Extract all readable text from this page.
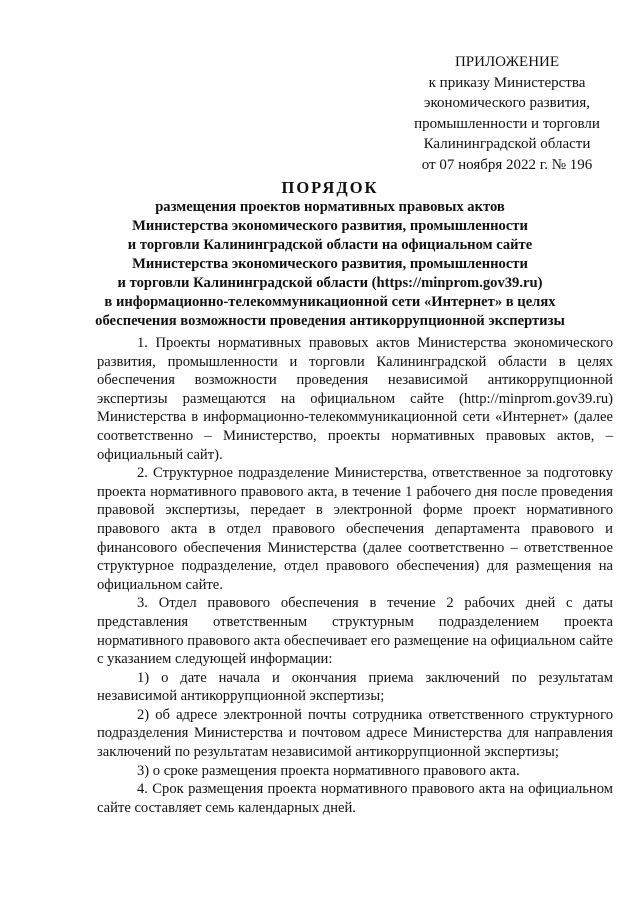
ПРИЛОЖЕНИЕ
к приказу Министерства
экономического развития,
промышленности и торговли
Калининградской области
от 07 ноября 2022 г. № 196
ПОРЯДОК
размещения проектов нормативных правовых актов
Министерства экономического развития, промышленности
и торговли Калининградской области на официальном сайте
Министерства экономического развития, промышленности
и торговли Калининградской области (https://minprom.gov39.ru)
в информационно-телекоммуникационной сети «Интернет» в целях
обеспечения возможности проведения антикоррупционной экспертизы

1. Проекты нормативных правовых актов Министерства экономического развития, промышленности и торговли Калининградской области в целях обеспечения возможности проведения независимой антикоррупционной экспертизы размещаются на официальном сайте (http://minprom.gov39.ru) Министерства в информационно-телекоммуникационной сети «Интернет» (далее соответственно – Министерство, проекты нормативных правовых актов, – официальный сайт).

2. Структурное подразделение Министерства, ответственное за подготовку проекта нормативного правового акта, в течение 1 рабочего дня после проведения правовой экспертизы, передает в электронной форме проект нормативного правового акта в отдел правового обеспечения департамента правового и финансового обеспечения Министерства (далее соответственно – ответственное структурное подразделение, отдел правового обеспечения) для размещения на официальном сайте.

3. Отдел правового обеспечения в течение 2 рабочих дней с даты представления ответственным структурным подразделением проекта нормативного правового акта обеспечивает его размещение на официальном сайте с указанием следующей информации:

1) о дате начала и окончания приема заключений по результатам независимой антикоррупционной экспертизы;

2) об адресе электронной почты сотрудника ответственного структурного подразделения Министерства и почтовом адресе Министерства для направления заключений по результатам независимой антикоррупционной экспертизы;

3) о сроке размещения проекта нормативного правового акта.

4. Срок размещения проекта нормативного правового акта на официальном сайте составляет семь календарных дней.
